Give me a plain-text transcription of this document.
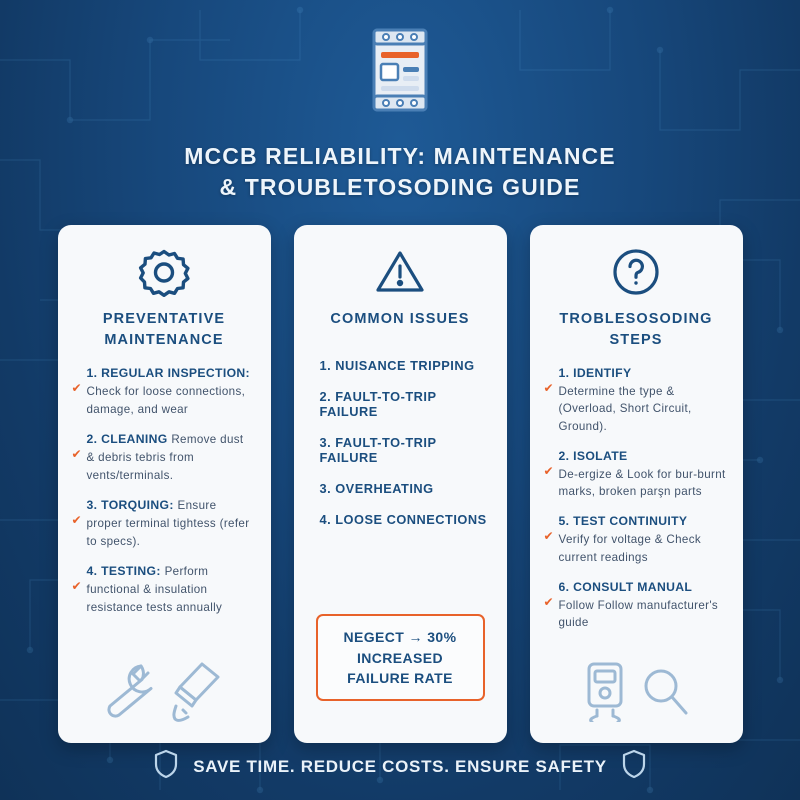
MCCB RELIABILITY: MAINTENANCE
& TROUBLETOSODING GUIDE
PREVENTATIVE
MAINTENANCE
✔
1. REGULAR INSPECTION: Check for loose connections, damage, and wear
✔
2. CLEANING Remove dust & debris tebris from vents/terminals.
✔
3. TORQUING: Ensure proper terminal tightess (refer to specs).
✔
4. TESTING: Perform functional & insulation resistance tests annually
COMMON ISSUES
1. NUISANCE TRIPPING
2. FAULT-TO-TRIP FAILURE
3. FAULT-TO-TRIP FAILURE
3. OVERHEATING
4. LOOSE CONNECTIONS
NEGECT → 30%
INCREASED
FAILURE RATE
TROBLESOSODING
STEPS
✔
1. IDENTIFY
Determine the type & (Overload, Short Circuit, Ground).
✔
2. ISOLATE
De-ergize & Look for bur-burnt marks, broken parşn parts
✔
5. TEST CONTINUITY
Verify for voltage & Check current readings
✔
6. CONSULT MANUAL
Follow Follow manufacturer's guide
SAVE TIME. REDUCE COSTS. ENSURE SAFETY
